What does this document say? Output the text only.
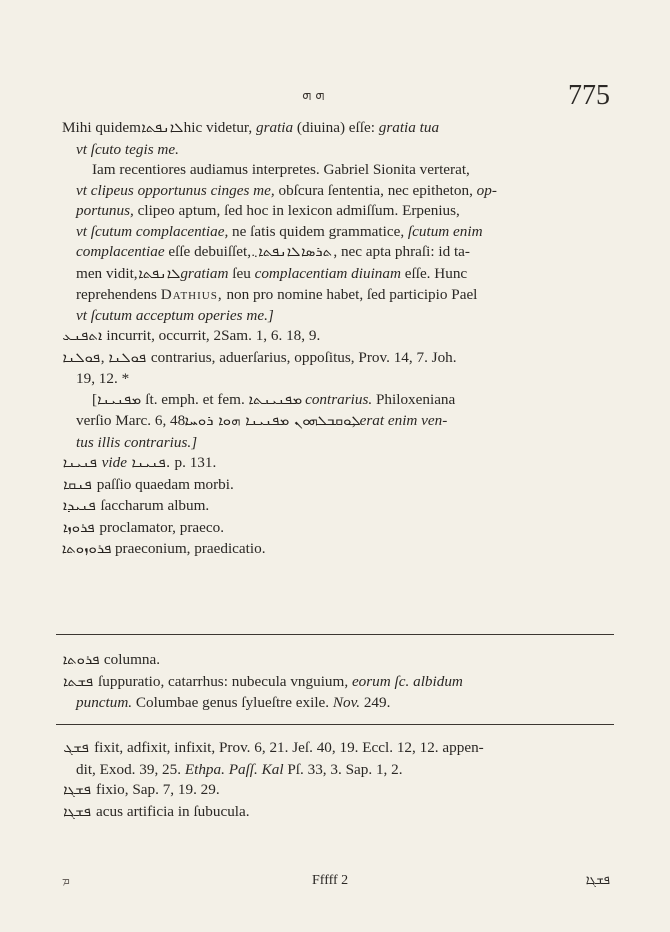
ܗ ܗ	775
Mihi quidemܠܐܢܦܬܐhic videtur, gratia (diuina) eſſe: gratia tua
vt ſcuto tegis me.
Iam recentiores audiamus interpretes. Gabriel Sionita verterat,
vt clipeus opportunus cinges me, obſcura ſententia, nec epitheton, op-
portunus, clipeo aptum, ſed hoc in lexicon admiſſum. Erpenius,
vt ſcutum complacentiae, ne ſatis quidem grammatice, ſcutum enim
complacentiae eſſe debuiſſet,ܠܐܢܦܬܐ܆ܬܪܣܐ, nec apta phraſi: id ta-
men vidit,ܠܐܢܦܬܐgratiam ſeu complacentiam diuinam eſſe. Hunc
reprehendens Dathius, non pro nomine habet, ſed participio Pael
vt ſcutum acceptum operies me.]
ܐܬܦܢܥ incurrit, occurrit, 2Sam. 1, 6. 18, 9.
ܦܘܠܢܐ, ܦܘܠܢܐ contrarius, aduerſarius, oppoſitus, Prov. 14, 7. Joh.
19, 12. *
[ܡܦܢܝܢܐ ſt. emph. et fem. ܡܦܢܝܢܬܐ contrarius. Philoxeniana
verſio Marc. 6, 48. ܠܘܩܒܠܗܘܢ ܡܦܢܝܢܐ ܗܘܐ ܪܘܚܐ, erat enim ven-
tus illis contrarius.]
ܦܢܝܢܐ vide ܦܢܝܢܐ. p. 131.
ܦܢܩܐ paſſio quaedam morbi.
ܦܢܝܕܐ ſaccharum album.
ܦܪܘܙܐ proclamator, praeco.
ܦܪܘܙܘܬܐ praeconium, praedicatio.
ܦܪܘܬܐ columna.
ܦܫܬܐ ſuppuratio, catarrhus: nubecula vnguium, eorum ſc. albidum
punctum. Columbae genus ſylueſtre exile. Nov. 249.
ܦܫܓ fixit, adfixit, infixit, Prov. 6, 21. Jeſ. 40, 19. Eccl. 12, 12. appen-
dit, Exod. 39, 25. Ethpa. Paſſ. Kal Pſ. 33, 3. Sap. 1, 2.
ܦܫܓܐ fixio, Sap. 7, 19. 29.
ܦܫܓܐ acus artificia in ſubucula.
ܡ	Fffff 2	ܦܫܓܐ
